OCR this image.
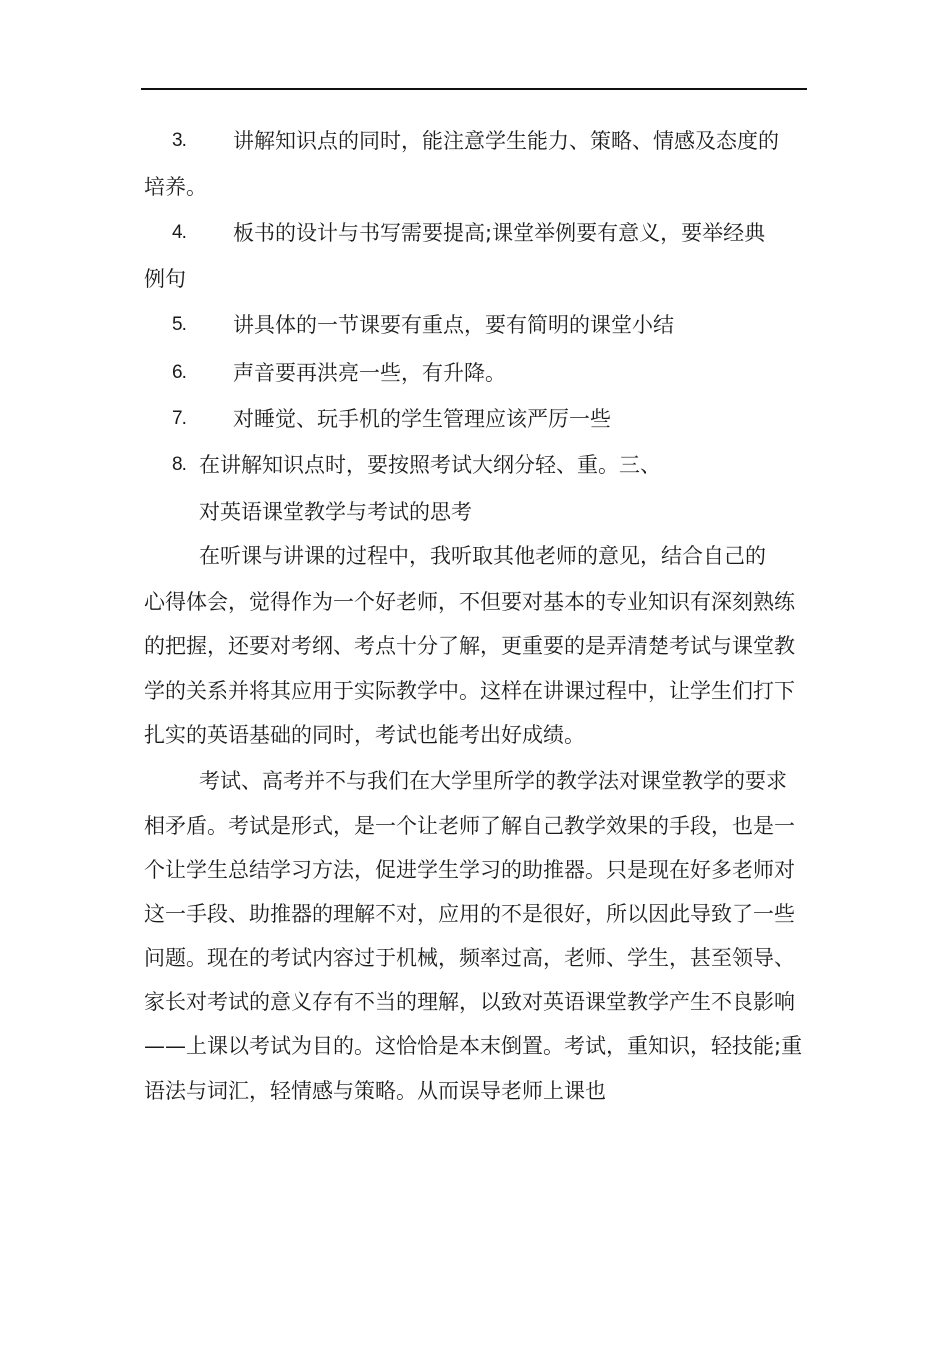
3. 讲解知识点的同时，能注意学生能力、策略、情感及态度的
培养。
4. 板书的设计与书写需要提高;课堂举例要有意义，要举经典
例句
5. 讲具体的一节课要有重点，要有简明的课堂小结
6. 声音要再洪亮一些，有升降。
7. 对睡觉、玩手机的学生管理应该严厉一些
8. 在讲解知识点时，要按照考试大纲分轻、重。三、
对英语课堂教学与考试的思考
在听课与讲课的过程中，我听取其他老师的意见，结合自己的
心得体会，觉得作为一个好老师，不但要对基本的专业知识有深刻熟练
的把握，还要对考纲、考点十分了解，更重要的是弄清楚考试与课堂教
学的关系并将其应用于实际教学中。这样在讲课过程中，让学生们打下
扎实的英语基础的同时，考试也能考出好成绩。
考试、高考并不与我们在大学里所学的教学法对课堂教学的要求
相矛盾。考试是形式，是一个让老师了解自己教学效果的手段，也是一
个让学生总结学习方法，促进学生学习的助推器。只是现在好多老师对
这一手段、助推器的理解不对，应用的不是很好，所以因此导致了一些
问题。现在的考试内容过于机械，频率过高，老师、学生，甚至领导、
家长对考试的意义存有不当的理解，以致对英语课堂教学产生不良影响
——上课以考试为目的。这恰恰是本末倒置。考试，重知识，轻技能;重
语法与词汇，轻情感与策略。从而误导老师上课也
